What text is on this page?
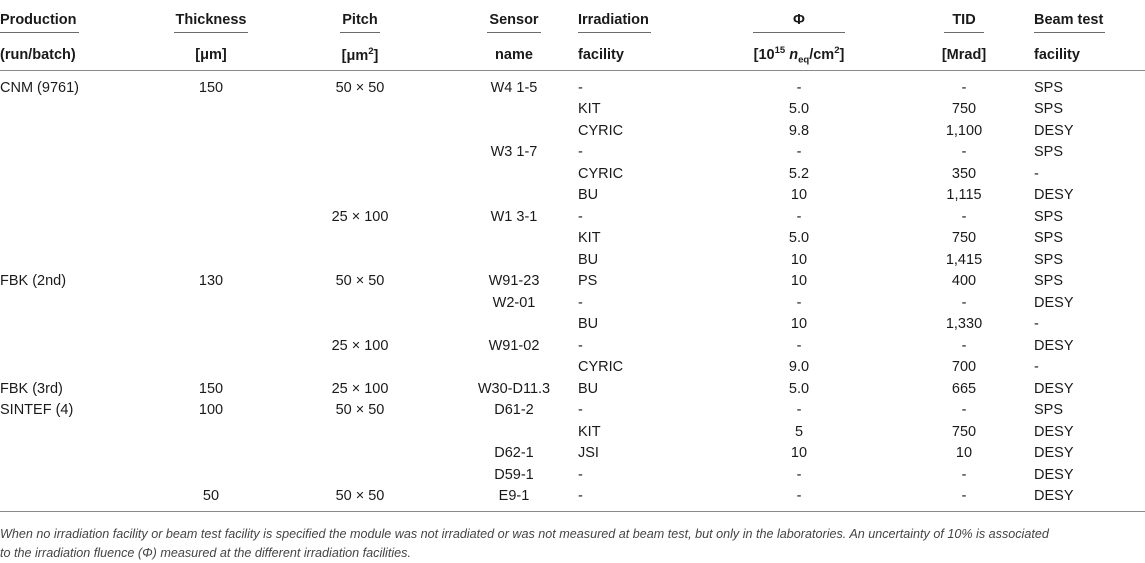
Production	Thickness	Pitch	Sensor	Irradiation	Φ	TID	Beam test
(run/batch)	[μm]	$[\mu m^2]$	name	facility	[$10^{15}$ $n_{eq}/cm^2$]	[Mrad]	facility
CNM (9761)	150	50 × 50	W4 1-5	-	-	-	SPS
				KIT	5.0	750	SPS
				CYRIC	9.8	1,100	DESY
			W3 1-7	-	-	-	SPS
				CYRIC	5.2	350	-
				BU	10	1,115	DESY
		25 × 100	W1 3-1	-	-	-	SPS
				KIT	5.0	750	SPS
				BU	10	1,415	SPS
FBK (2nd)	130	50 × 50	W91-23	PS	10	400	SPS
			W2-01	-	-	-	DESY
				BU	10	1,330	-
		25 × 100	W91-02	-	-	-	DESY
				CYRIC	9.0	700	-
FBK (3rd)	150	25 × 100	W30-D11.3	BU	5.0	665	DESY
SINTEF (4)	100	50 × 50	D61-2	-	-	-	SPS
				KIT	5	750	DESY
			D62-1	JSI	10	10	DESY
			D59-1	-	-	-	DESY
	50	50 × 50	E9-1	-	-	-	DESY
When no irradiation facility or beam test facility is specified the module was not irradiated or was not measured at beam test, but only in the laboratories. An uncertainty of 10% is associated
to the irradiation fluence (Φ) measured at the different irradiation facilities.
